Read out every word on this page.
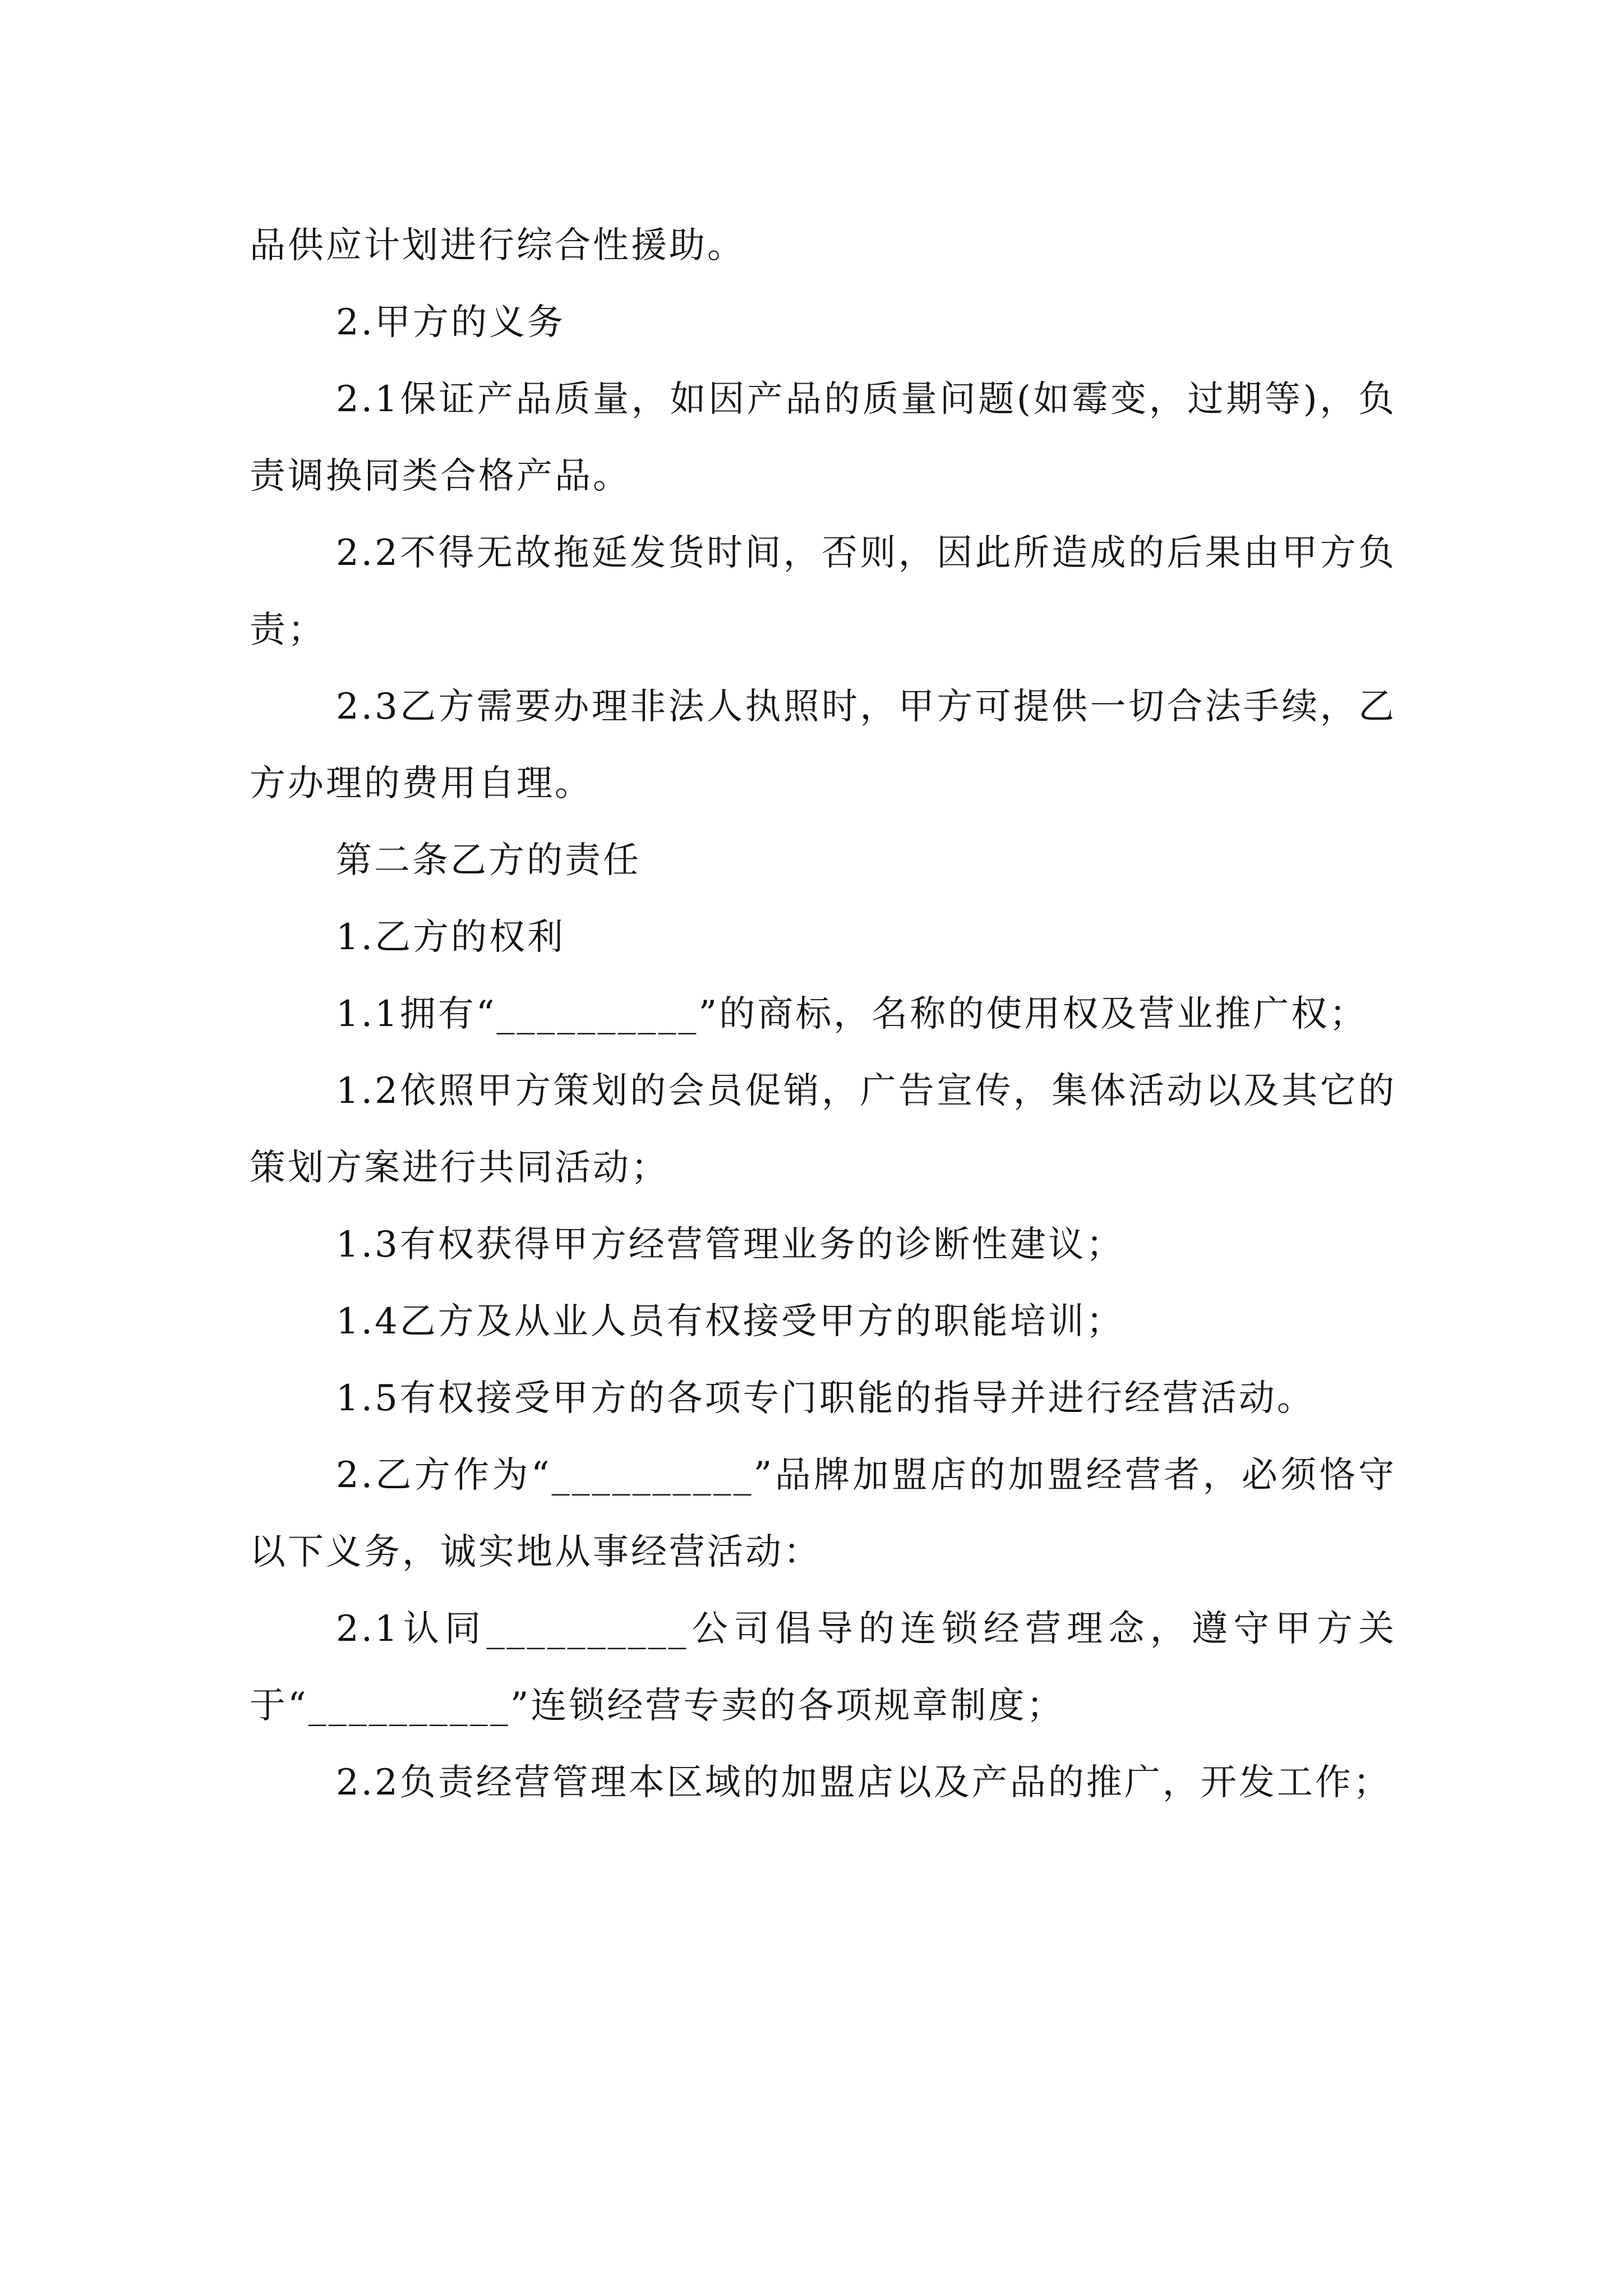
品供应计划进行综合性援助。

2.甲方的义务

2.1保证产品质量，如因产品的质量问题(如霉变，过期等)，负责调换同类合格产品。

2.2不得无故拖延发货时间，否则，因此所造成的后果由甲方负责；

2.3乙方需要办理非法人执照时，甲方可提供一切合法手续，乙方办理的费用自理。

第二条乙方的责任

1.乙方的权利

1.1拥有“__________”的商标，名称的使用权及营业推广权；

1.2依照甲方策划的会员促销，广告宣传，集体活动以及其它的策划方案进行共同活动；

1.3有权获得甲方经营管理业务的诊断性建议；

1.4乙方及从业人员有权接受甲方的职能培训；

1.5有权接受甲方的各项专门职能的指导并进行经营活动。

2.乙方作为“__________”品牌加盟店的加盟经营者，必须恪守以下义务，诚实地从事经营活动：

2.1认同__________公司倡导的连锁经营理念，遵守甲方关于“__________”连锁经营专卖的各项规章制度；

2.2负责经营管理本区域的加盟店以及产品的推广，开发工作；
